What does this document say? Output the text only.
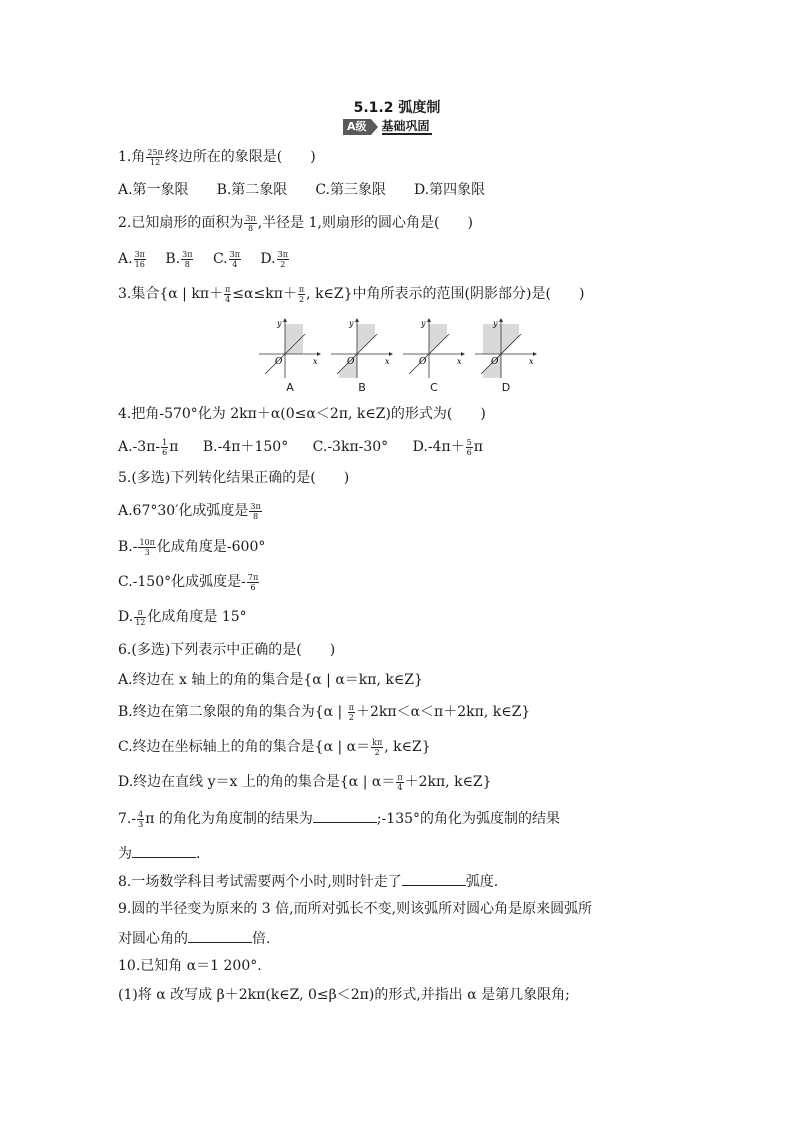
5.1.2 弧度制
A级	基础巩固
1.角 $\frac{25\pi}{12}$ 终边所在的象限是(　　)
A.第一象限 B.第二象限 C.第三象限 D.第四象限
2.已知扇形的面积为 $\frac{3\pi}{8}$ ,半径是 1,则扇形的圆心角是(　　)
A. $\frac{3\pi}{16} B$. $\frac{3\pi}{8} C$. $\frac{3\pi}{4} D$. $\frac{3\pi}{2}$
3.集合{α | $k\pi+ \frac{\pi}{4} \le\alpha\le k\pi+ \frac{\pi}{2}$ , k∈Z}中角所表示的范围(阴影部分)是(　　)
y
x
O
A
y
x
O
B
y
x
O
C
y
x
O
D
4.把角-570°化为 2kπ＋α(0≤α＜2π, k∈Z)的形式为(　　)
$A.-3\pi- \frac{1}{6}$ π B.-4π＋150° C.-3kπ-30° $D.-4\pi+ \frac{5}{6}$ π
5.(多选)下列转化结果正确的是(　　)
A.67°30′化成弧度是 $\frac{3\pi}{8}$
$B.- \frac{10\pi}{3}$ 化成角度是-600°
C.-150°化成弧度是- $\frac{7\pi}{6}$
D. $\frac{\pi}{12}$ 化成角度是 15°
6.(多选)下列表示中正确的是(　　)
A.终边在 x 轴上的角的集合是{α | α＝kπ, k∈Z}
B.终边在第二象限的角的集合为{α | $\frac{\pi}{2} +2k\pi<\alpha<\pi+2k\pi$, k∈Z}
C.终边在坐标轴上的角的集合是{α | $\alpha= \frac{k\pi}{2}$ , k∈Z}
D.终边在直线 y＝x 上的角的集合是{α | $\alpha= \frac{\pi}{4} +2k\pi$, k∈Z}
$7.- \frac{4}{3}$ π 的角化为角度制的结果为	;-135°的角化为弧度制的结果
为	.
8.一场数学科目考试需要两个小时,则时针走了	弧度.
9.圆的半径变为原来的 3 倍,而所对弧长不变,则该弧所对圆心角是原来圆弧所
对圆心角的	倍.
10.已知角 α＝1 200°.
(1)将 α 改写成 β＋2kπ(k∈Z, 0≤β＜2π)的形式,并指出 α 是第几象限角;
